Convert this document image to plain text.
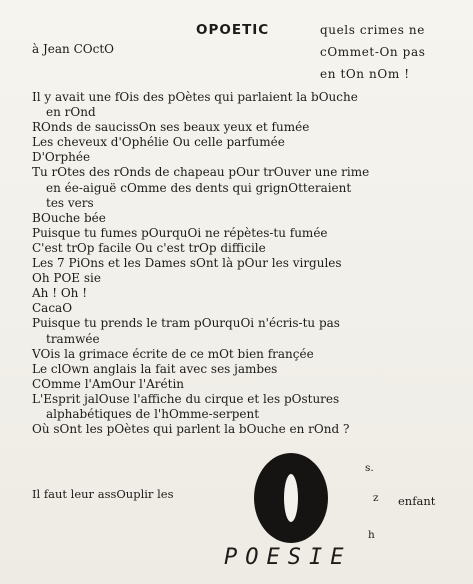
OPOETIC
à Jean COctO
quels crimes ne
cOmmet-On pas
en tOn nOm !
Il y avait une fOis des pOètes qui parlaient la bOuche
en rOnd
ROnds de saucissOn ses beaux yeux et fumée
Les cheveux d'Ophélie Ou celle parfumée
D'Orphée
Tu rOtes des rOnds de chapeau pOur trOuver une rime
en ée-aiguë cOmme des dents qui grignOtteraient
tes vers
BOuche bée
Puisque tu fumes pOurquOi ne répètes-tu fumée
C'est trOp facile Ou c'est trOp difficile
Les 7 PiOns et les Dames sOnt là pOur les virgules
Oh POE sie
Ah ! Oh !
CacaO
Puisque tu prends le tram pOurquOi n'écris-tu pas
tramwée
VOis la grimace écrite de ce mOt bien françée
Le clOwn anglais la fait avec ses jambes
COmme l'AmOur l'Arétin
L'Esprit jalOuse l'affiche du cirque et les pOstures
alphabétiques de l'hOmme-serpent
Où sOnt les pOètes qui parlent la bOuche en rOnd ?
Il faut leur assOuplir les
s.
z
h
enfant
POESIE
